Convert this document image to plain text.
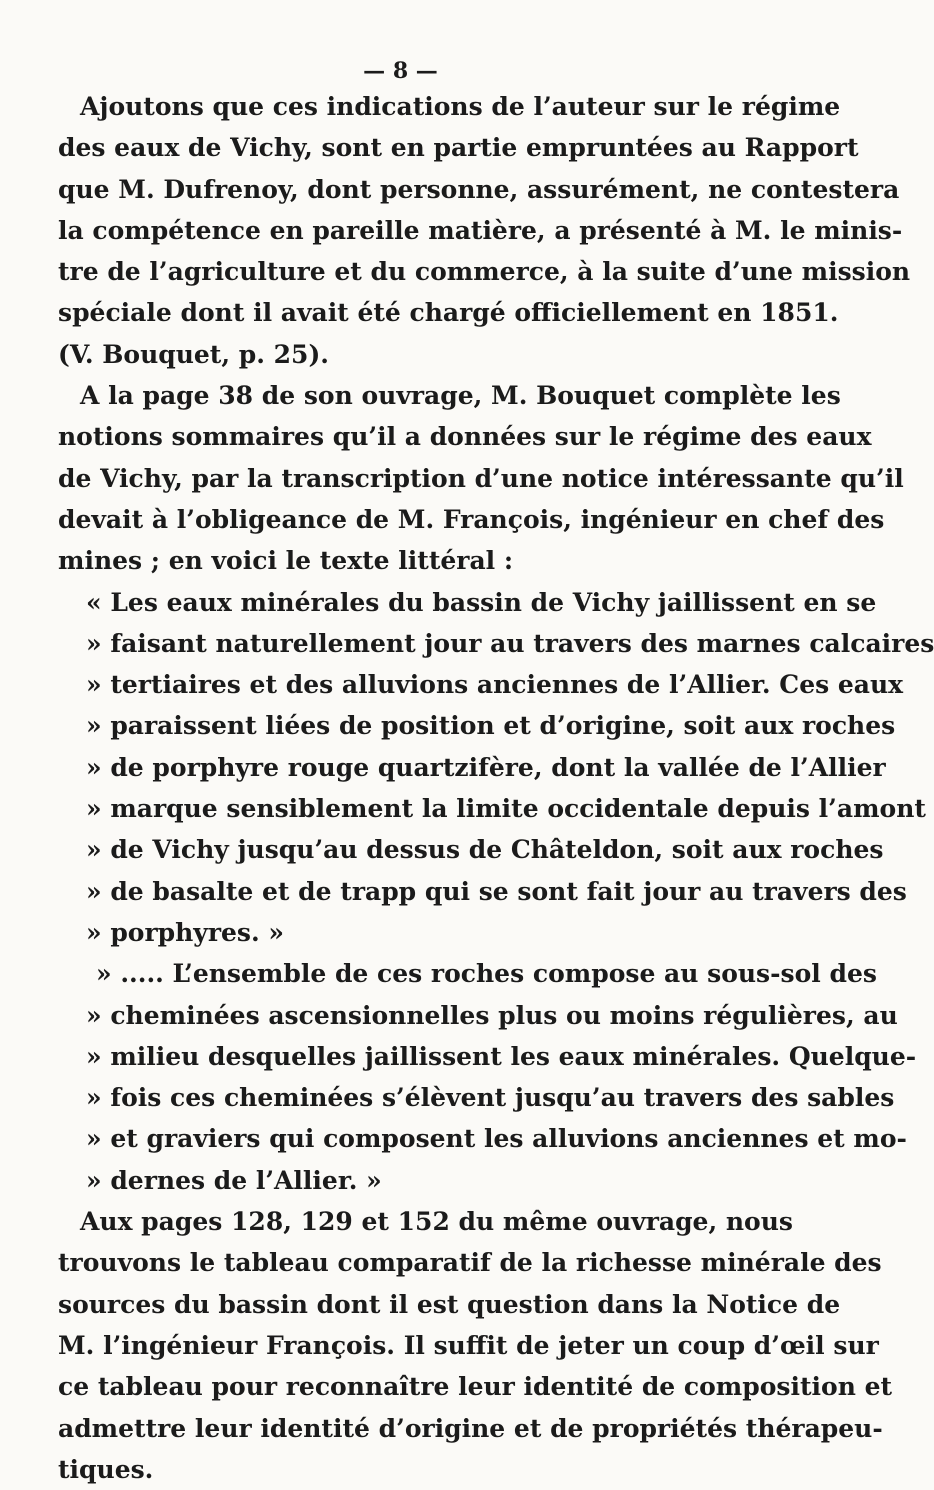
— 8 —
Ajoutons que ces indications de l’auteur sur le régime
des eaux de Vichy, sont en partie empruntées au Rapport
que M. Dufrenoy, dont personne, assurément, ne contestera
la compétence en pareille matière, a présenté à M. le minis-
tre de l’agriculture et du commerce, à la suite d’une mission
spéciale dont il avait été chargé officiellement en 1851.
(V. Bouquet, p. 25).
A la page 38 de son ouvrage, M. Bouquet complète les
notions sommaires qu’il a données sur le régime des eaux
de Vichy, par la transcription d’une notice intéressante qu’il
devait à l’obligeance de M. François, ingénieur en chef des
mines ; en voici le texte littéral :
« Les eaux minérales du bassin de Vichy jaillissent en se
» faisant naturellement jour au travers des marnes calcaires
» tertiaires et des alluvions anciennes de l’Allier. Ces eaux
» paraissent liées de position et d’origine, soit aux roches
» de porphyre rouge quartzifère, dont la vallée de l’Allier
» marque sensiblement la limite occidentale depuis l’amont
» de Vichy jusqu’au dessus de Châteldon, soit aux roches
» de basalte et de trapp qui se sont fait jour au travers des
» porphyres. »
» ..... L’ensemble de ces roches compose au sous-sol des
» cheminées ascensionnelles plus ou moins régulières, au
» milieu desquelles jaillissent les eaux minérales. Quelque-
» fois ces cheminées s’élèvent jusqu’au travers des sables
» et graviers qui composent les alluvions anciennes et mo-
» dernes de l’Allier. »
Aux pages 128, 129 et 152 du même ouvrage, nous
trouvons le tableau comparatif de la richesse minérale des
sources du bassin dont il est question dans la Notice de
M. l’ingénieur François. Il suffit de jeter un coup d’œil sur
ce tableau pour reconnaître leur identité de composition et
admettre leur identité d’origine et de propriétés thérapeu-
tiques.
